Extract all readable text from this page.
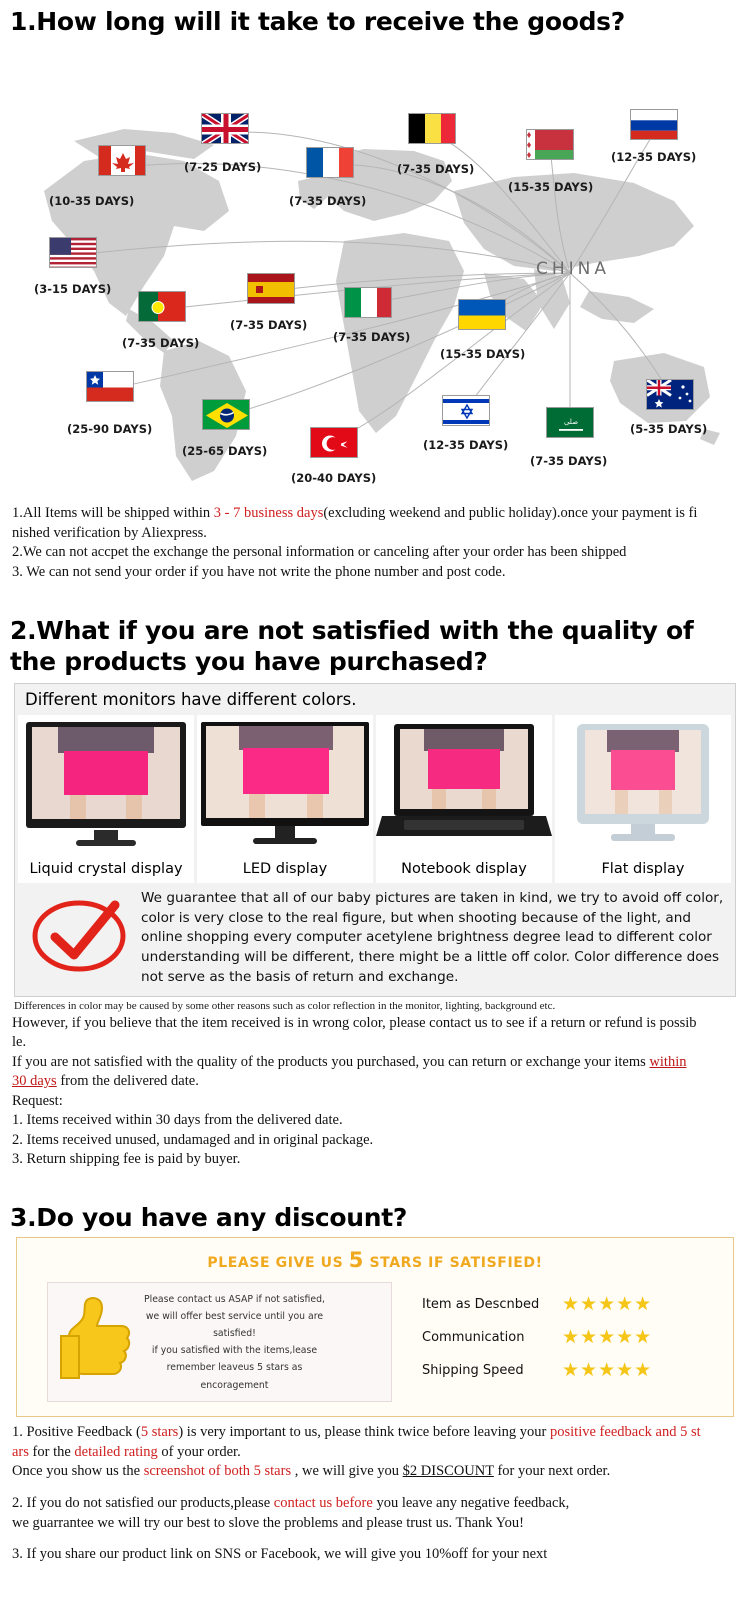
1.How long will it take to receive the goods?
صلى
(10-35 DAYS)
(7-25 DAYS)
(7-35 DAYS)
(7-35 DAYS)
(15-35 DAYS)
(12-35 DAYS)
(3-15 DAYS)
(7-35 DAYS)
(7-35 DAYS)
(7-35 DAYS)
(15-35 DAYS)
(25-90 DAYS)
(25-65 DAYS)
(20-40 DAYS)
(12-35 DAYS)
(7-35 DAYS)
(5-35 DAYS)
CHINA
1.All Items will be shipped within 3 - 7 business days(excluding weekend and public holiday).once your payment is fi
nished verification by Aliexpress.
2.We can not accpet the exchange the personal information or canceling after your order has been shipped
3. We can not send your order if you have not write the phone number and post code.
2.What if you are not satisfied with the quality of
the products you have purchased?
Different monitors have different colors.
Liquid crystal display	LED display	Notebook display	Flat display
We guarantee that all of our baby pictures are taken in kind, we try to avoid off color, color is very close to the real figure, but when shooting because of the light, and online shopping every computer acetylene brightness degree lead to different color understanding will be different, there might be a little off color. Color difference does not serve as the basis of return and exchange.
Differences in color may be caused by some other reasons such as color reflection in the monitor, lighting, background etc.
However, if you believe that the item received is in wrong color, please contact us to see if a return or refund is possib
le.
If you are not satisfied with the quality of the products you purchased, you can return or exchange your items within
30 days from the delivered date.
Request:
1. Items received within 30 days from the delivered date.
2. Items received unused, undamaged and in original package.
3. Return shipping fee is paid by buyer.
3.Do you have any discount?
PLEASE GIVE US 5 STARS IF SATISFIED!
Please contact us ASAP if not satisfied,
we will offer best service until you are
satisfied!
if you satisfied with the items,lease
remember leaveus 5 stars as
encoragement
Item as Descnbed	★★★★★
Communication	★★★★★
Shipping Speed	★★★★★
1. Positive Feedback (5 stars) is very important to us, please think twice before leaving your positive feedback and 5 st
ars for the detailed rating of your order.
Once you show us the screenshot of both 5 stars , we will give you $2 DISCOUNT for your next order.
2. If you do not satisfied our products,please contact us before you leave any negative feedback,
we guarrantee we will try our best to slove the problems and please trust us. Thank You!
3. If you share our product link on SNS or Facebook, we will give you 10%off for your next
